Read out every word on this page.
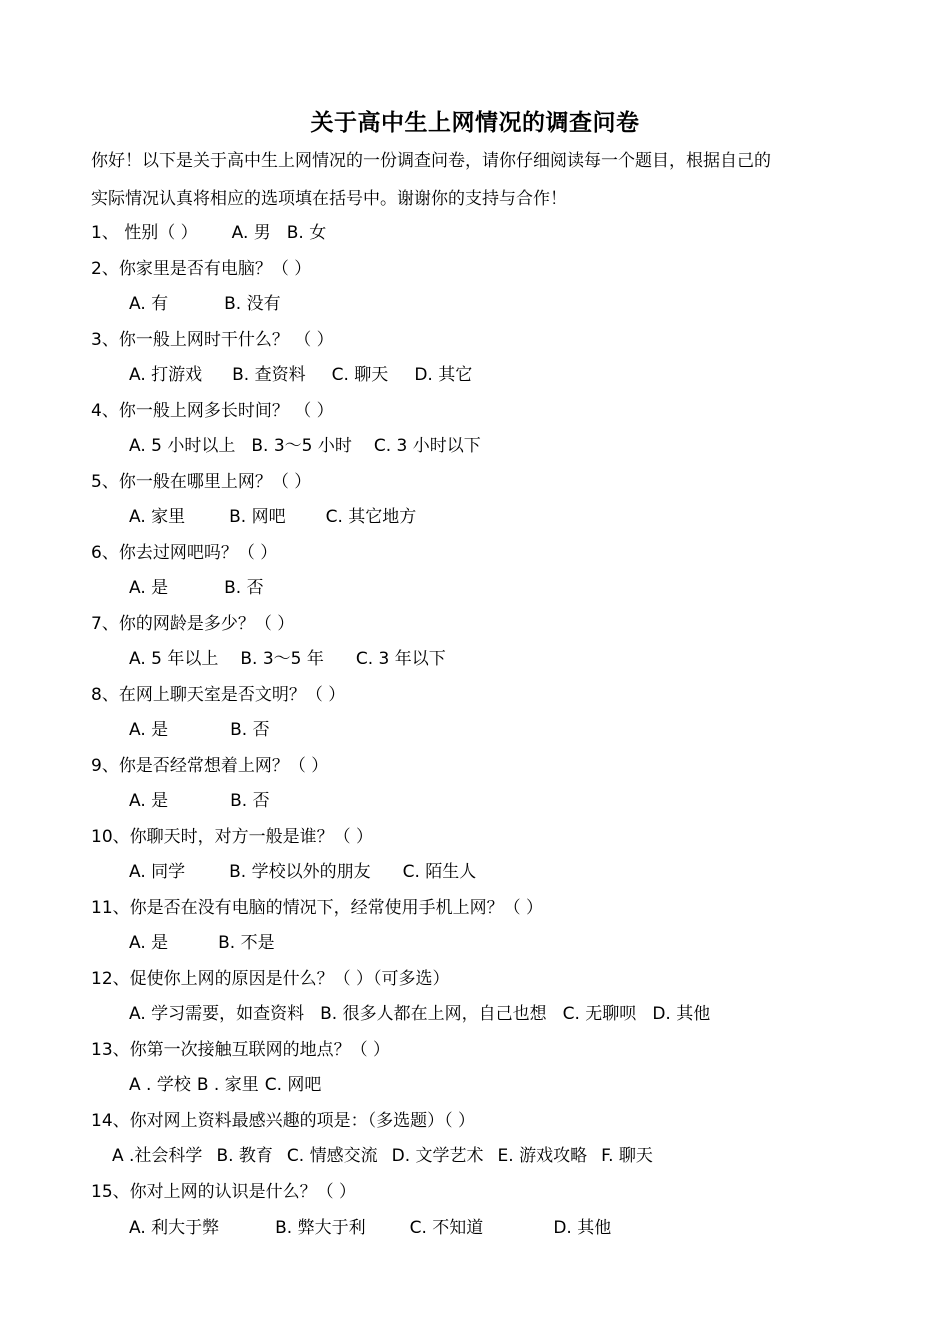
关于高中生上网情况的调查问卷
你好！以下是关于高中生上网情况的一份调查问卷，请你仔细阅读每一个题目，根据自己的
实际情况认真将相应的选项填在括号中。谢谢你的支持与合作！
1、 性别（ ） A. 男 B. 女
2、你家里是否有电脑？（ ）
A. 有	B. 没有
3、你一般上网时干什么？ （ ）
A. 打游戏 B. 查资料 C. 聊天 D. 其它
4、你一般上网多长时间？ （ ）
A. 5 小时以上 B. 3～5 小时 C. 3 小时以下
5、你一般在哪里上网？（ ）
A. 家里	B. 网吧 C. 其它地方
6、你去过网吧吗？（ ）
A. 是	B. 否
7、你的网龄是多少？（ ）
A. 5 年以上 B. 3～5 年 C. 3 年以下
8、在网上聊天室是否文明？（ ）
A. 是	B. 否
9、你是否经常想着上网？（ ）
A. 是	B. 否
10、你聊天时，对方一般是谁？（ ）
A. 同学	B. 学校以外的朋友 C. 陌生人
11、你是否在没有电脑的情况下，经常使用手机上网？（ ）
A. 是	B. 不是
12、促使你上网的原因是什么？（ ）（可多选）
A. 学习需要，如查资料 B. 很多人都在上网，自己也想 C. 无聊呗 D. 其他
13、你第一次接触互联网的地点？（ ）
A . 学校 B . 家里 C. 网吧
14、你对网上资料最感兴趣的项是：（多选题）（ ）
A .社会科学 B. 教育 C. 情感交流 D. 文学艺术 E. 游戏攻略 F. 聊天
15、你对上网的认识是什么？（ ）
A. 利大于弊	B. 弊大于利	C. 不知道	D. 其他
